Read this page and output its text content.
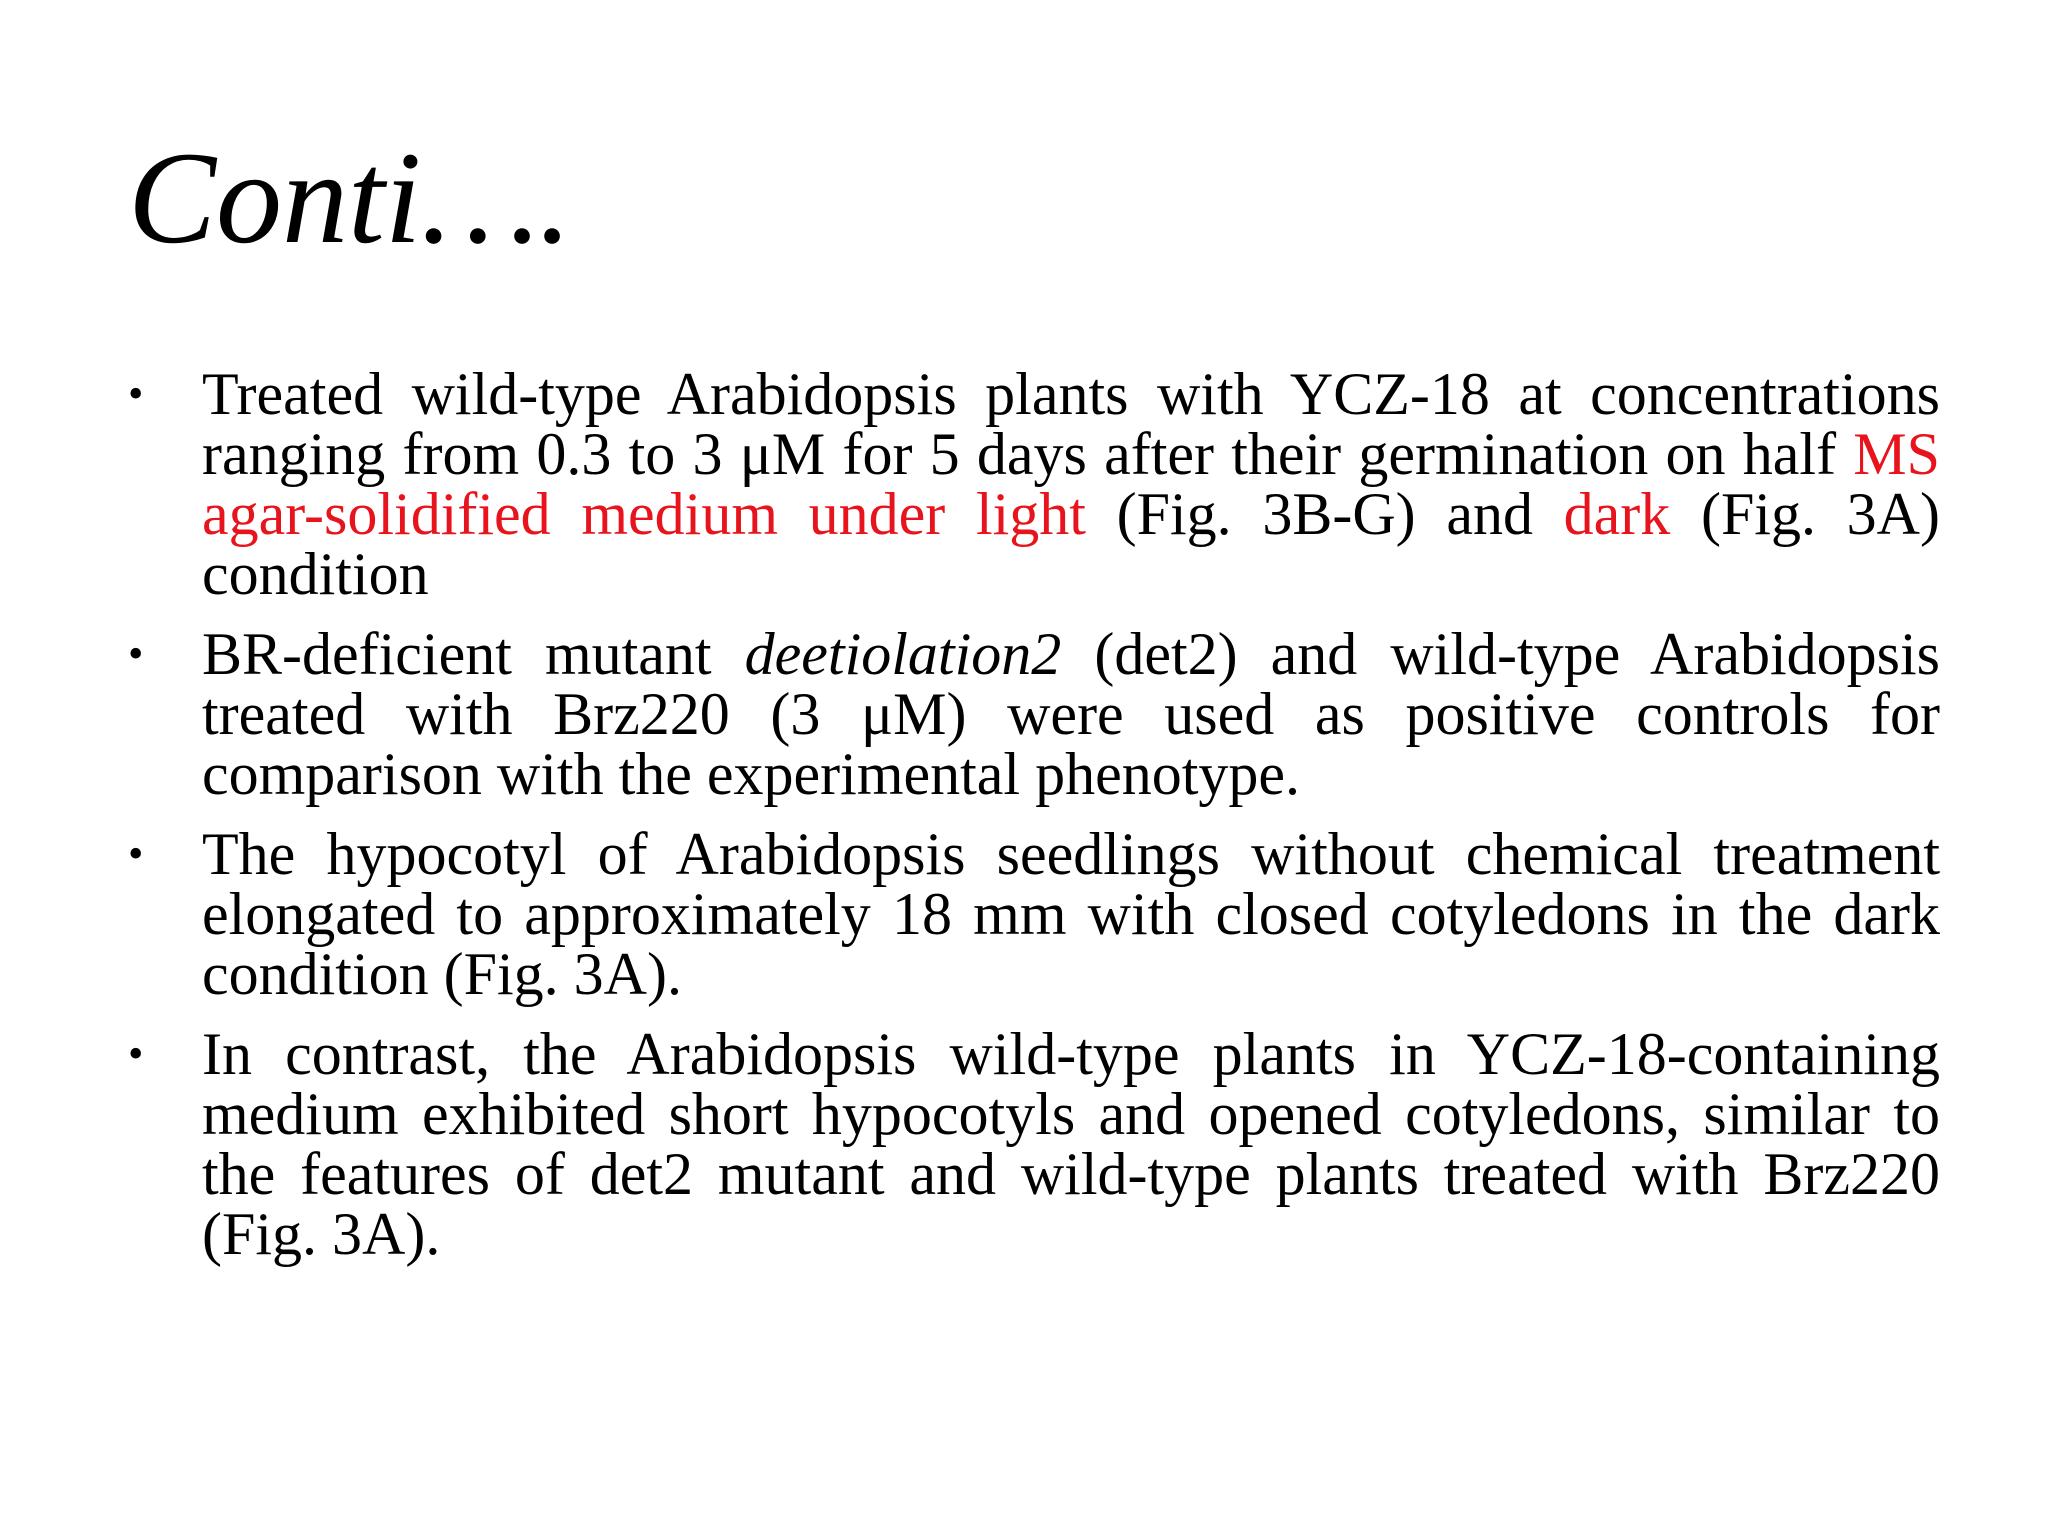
Conti….
• Treated wild-type Arabidopsis plants with YCZ-18 at concentrations ranging from 0.3 to 3 μM for 5 days after their germination on half MS agar-solidified medium under light (Fig. 3B-G) and dark (Fig. 3A) condition
• BR-deficient mutant deetiolation2 (det2) and wild-type Arabidopsis treated with Brz220 (3 μM) were used as positive controls for comparison with the experimental phenotype.
• The hypocotyl of Arabidopsis seedlings without chemical treatment elongated to approximately 18 mm with closed cotyledons in the dark condition (Fig. 3A).
• In contrast, the Arabidopsis wild-type plants in YCZ-18-containing medium exhibited short hypocotyls and opened cotyledons, similar to the features of det2 mutant and wild-type plants treated with Brz220 (Fig. 3A).
